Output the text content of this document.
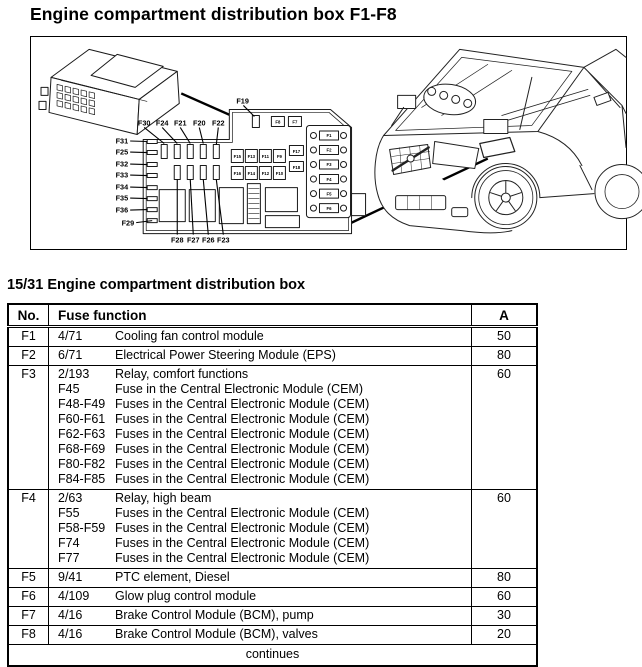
Engine compartment distribution box F1-F8
F19
F30 F24 F21 F20 F22
F31
F25
F32
F33
F34
F35
F36
F29
F28 F27 F26 F23
F8	F7
F15 F13 F11 F9
F16 F14 F12 F10
F17
F18
F1
F2
F3
F4
F5
F6
15/31 Engine compartment distribution box
No.	Fuse function	A
F1	4/71 Cooling fan control module	50
F2	6/71 Electrical Power Steering Module (EPS)	80
F3	2/193	Relay, comfort functions
F45	Fuse in the Central Electronic Module (CEM)
F48-F49 Fuses in the Central Electronic Module (CEM)
F60-F61 Fuses in the Central Electronic Module (CEM)
F62-F63 Fuses in the Central Electronic Module (CEM)
F68-F69 Fuses in the Central Electronic Module (CEM)
F80-F82 Fuses in the Central Electronic Module (CEM)
F84-F85 Fuses in the Central Electronic Module (CEM)
	60
F4	2/63	Relay, high beam
F55	Fuses in the Central Electronic Module (CEM)
F58-F59 Fuses in the Central Electronic Module (CEM)
F74	Fuses in the Central Electronic Module (CEM)
F77	Fuses in the Central Electronic Module (CEM)
	60
F5	9/41 PTC element, Diesel	80
F6	4/109 Glow plug control module	60
F7	4/16 Brake Control Module (BCM), pump	30
F8	4/16 Brake Control Module (BCM), valves	20
continues		
